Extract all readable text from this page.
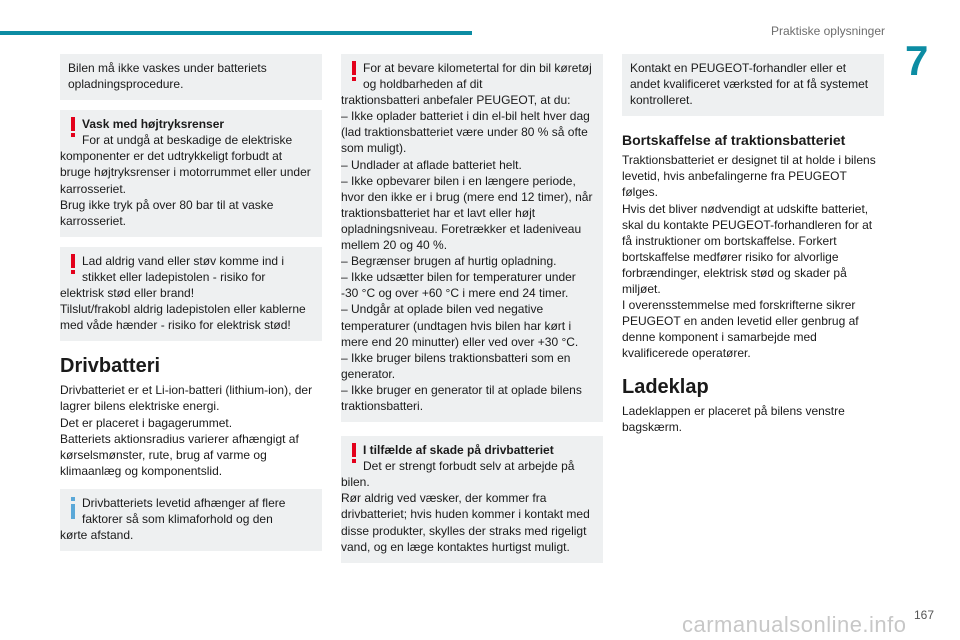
Praktiske oplysninger
7

Bilen må ikke vaskes under batteriets opladningsprocedure.

Vask med højtryksrenser
For at undgå at beskadige de elektriske

komponenter er det udtrykkeligt forbudt at bruge højtryksrenser i motorrummet eller under karrosseriet.

Brug ikke tryk på over 80 bar til at vaske karrosseriet.

Lad aldrig vand eller støv komme ind i stikket eller ladepistolen - risiko for

elektrisk stød eller brand!

Tilslut/frakobl aldrig ladepistolen eller kablerne med våde hænder - risiko for elektrisk stød!

Drivbatteri

Drivbatteriet er et Li-ion-batteri (lithium-ion), der lagrer bilens elektriske energi.

Det er placeret i bagagerummet.

Batteriets aktionsradius varierer afhængigt af kørselsmønster, rute, brug af varme og klimaanlæg og komponentslid.

Drivbatteriets levetid afhænger af flere faktorer så som klimaforhold og den

kørte afstand.

For at bevare kilometertal for din bil køretøj og holdbarheden af dit

traktionsbatteri anbefaler PEUGEOT, at du:

– Ikke oplader batteriet i din el-bil helt hver dag (lad traktionsbatteriet være under 80 % så ofte som muligt).

– Undlader at aflade batteriet helt.

– Ikke opbevarer bilen i en længere periode, hvor den ikke er i brug (mere end 12 timer), når traktionsbatteriet har et lavt eller højt opladningsniveau. Foretrækker et ladeniveau mellem 20 og 40 %.

– Begrænser brugen af hurtig opladning.

– Ikke udsætter bilen for temperaturer under -30 °C og over +60 °C i mere end 24 timer.

– Undgår at oplade bilen ved negative temperaturer (undtagen hvis bilen har kørt i mere end 20 minutter) eller ved over +30 °C.

– Ikke bruger bilens traktionsbatteri som en generator.

– Ikke bruger en generator til at oplade bilens traktionsbatteri.

I tilfælde af skade på drivbatteriet
Det er strengt forbudt selv at arbejde på

bilen.

Rør aldrig ved væsker, der kommer fra drivbatteriet; hvis huden kommer i kontakt med disse produkter, skylles der straks med rigeligt vand, og en læge kontaktes hurtigst muligt.

Kontakt en PEUGEOT-forhandler eller et andet kvalificeret værksted for at få systemet kontrolleret.

Bortskaffelse af traktionsbatteriet

Traktionsbatteriet er designet til at holde i bilens levetid, hvis anbefalingerne fra PEUGEOT følges.

Hvis det bliver nødvendigt at udskifte batteriet, skal du kontakte PEUGEOT-forhandleren for at få instruktioner om bortskaffelse. Forkert bortskaffelse medfører risiko for alvorlige forbrændinger, elektrisk stød og skader på miljøet.

I overensstemmelse med forskrifterne sikrer PEUGEOT en anden levetid eller genbrug af denne komponent i samarbejde med kvalificerede operatører.

Ladeklap

Ladeklappen er placeret på bilens venstre bagskærm.

167
carmanualsonline.info
